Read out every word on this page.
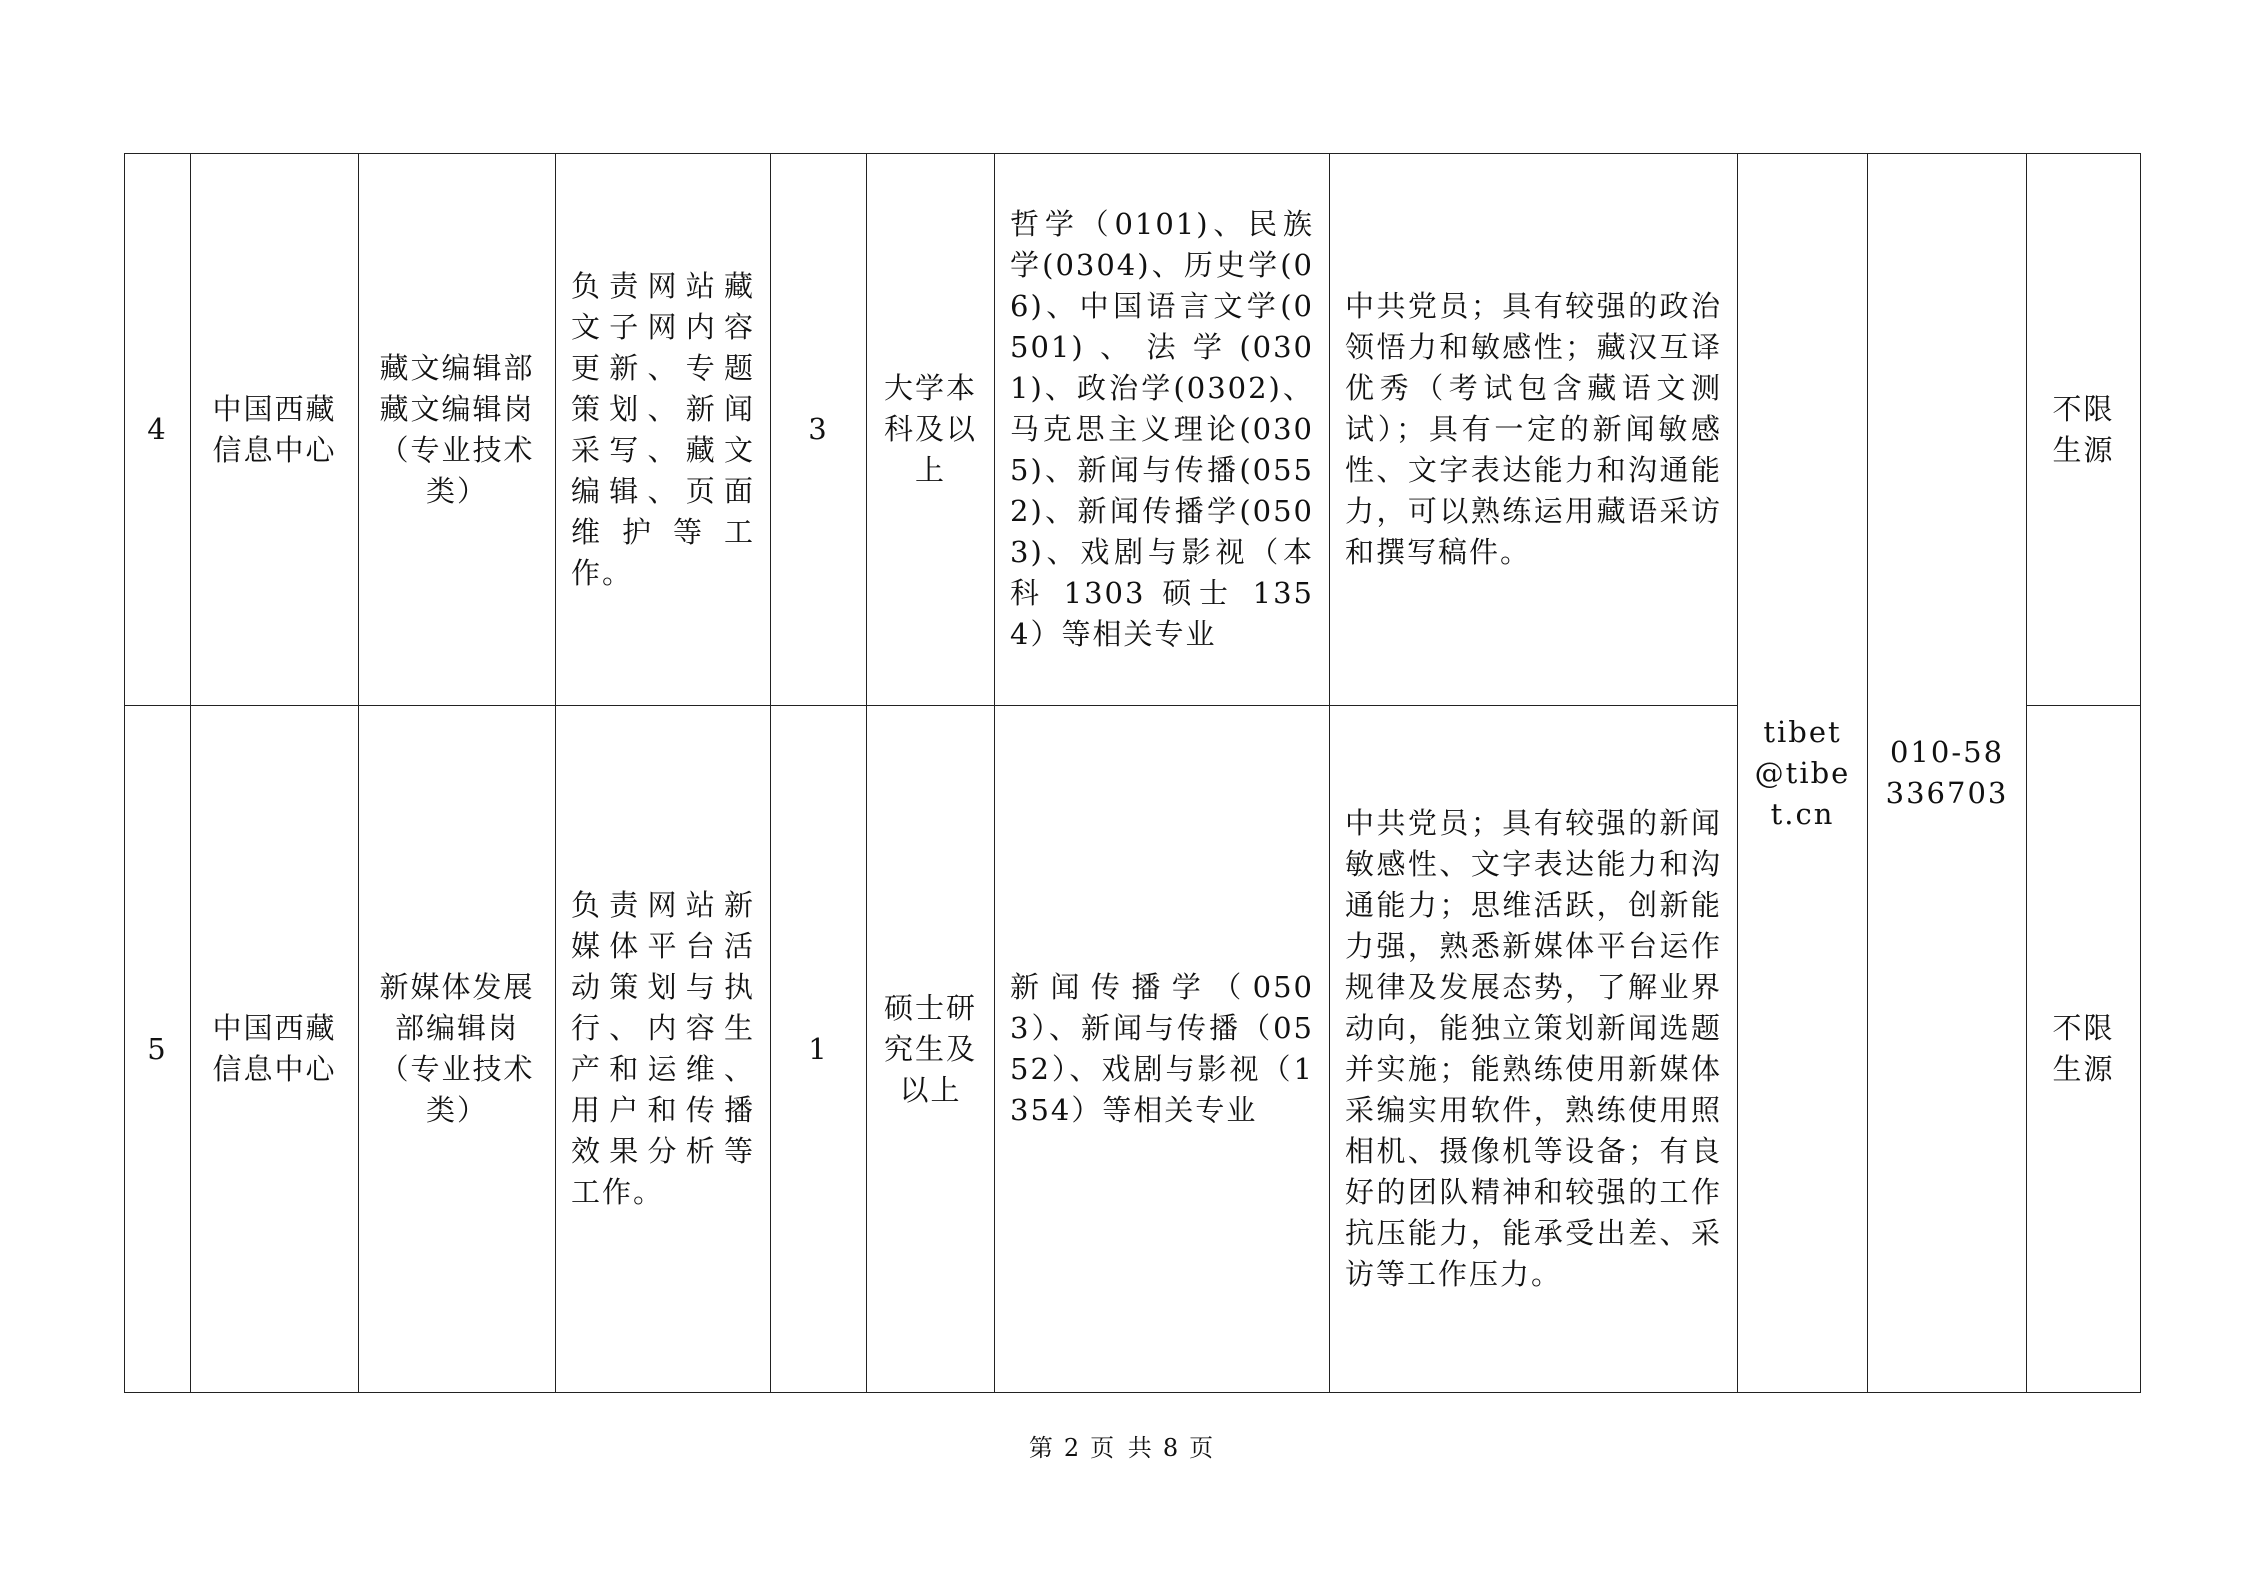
4	中国西藏信息中心	藏文编辑部藏文编辑岗（专业技术类）	负责网站藏文子网内容更新、专题策划、新闻采写、藏文编辑、页面维护等工作。	3	大学本科及以上	哲学（0101)、民族学(0304)、历史学(06)、中国语言文学(0501)、法学(0301)、政治学(0302)、马克思主义理论(0305)、新闻与传播(0552)、新闻传播学(0503)、戏剧与影视（本科 1303 硕士 1354）等相关专业	中共党员；具有较强的政治领悟力和敏感性；藏汉互译优秀（考试包含藏语文测试）；具有一定的新闻敏感性、文字表达能力和沟通能力，可以熟练运用藏语采访和撰写稿件。	tibet@tibet.cn	010-58336703	不限生源
5	中国西藏信息中心	新媒体发展部编辑岗（专业技术类）	负责网站新媒体平台活动策划与执行、内容生产和运维、用户和传播效果分析等工作。	1	硕士研究生及以上	新闻传播学（0503）、新闻与传播（0552）、戏剧与影视（1354）等相关专业	中共党员；具有较强的新闻敏感性、文字表达能力和沟通能力；思维活跃，创新能力强，熟悉新媒体平台运作规律及发展态势，了解业界动向，能独立策划新闻选题并实施；能熟练使用新媒体采编实用软件，熟练使用照相机、摄像机等设备；有良好的团队精神和较强的工作抗压能力，能承受出差、采访等工作压力。			不限生源
第 2 页 共 8 页
